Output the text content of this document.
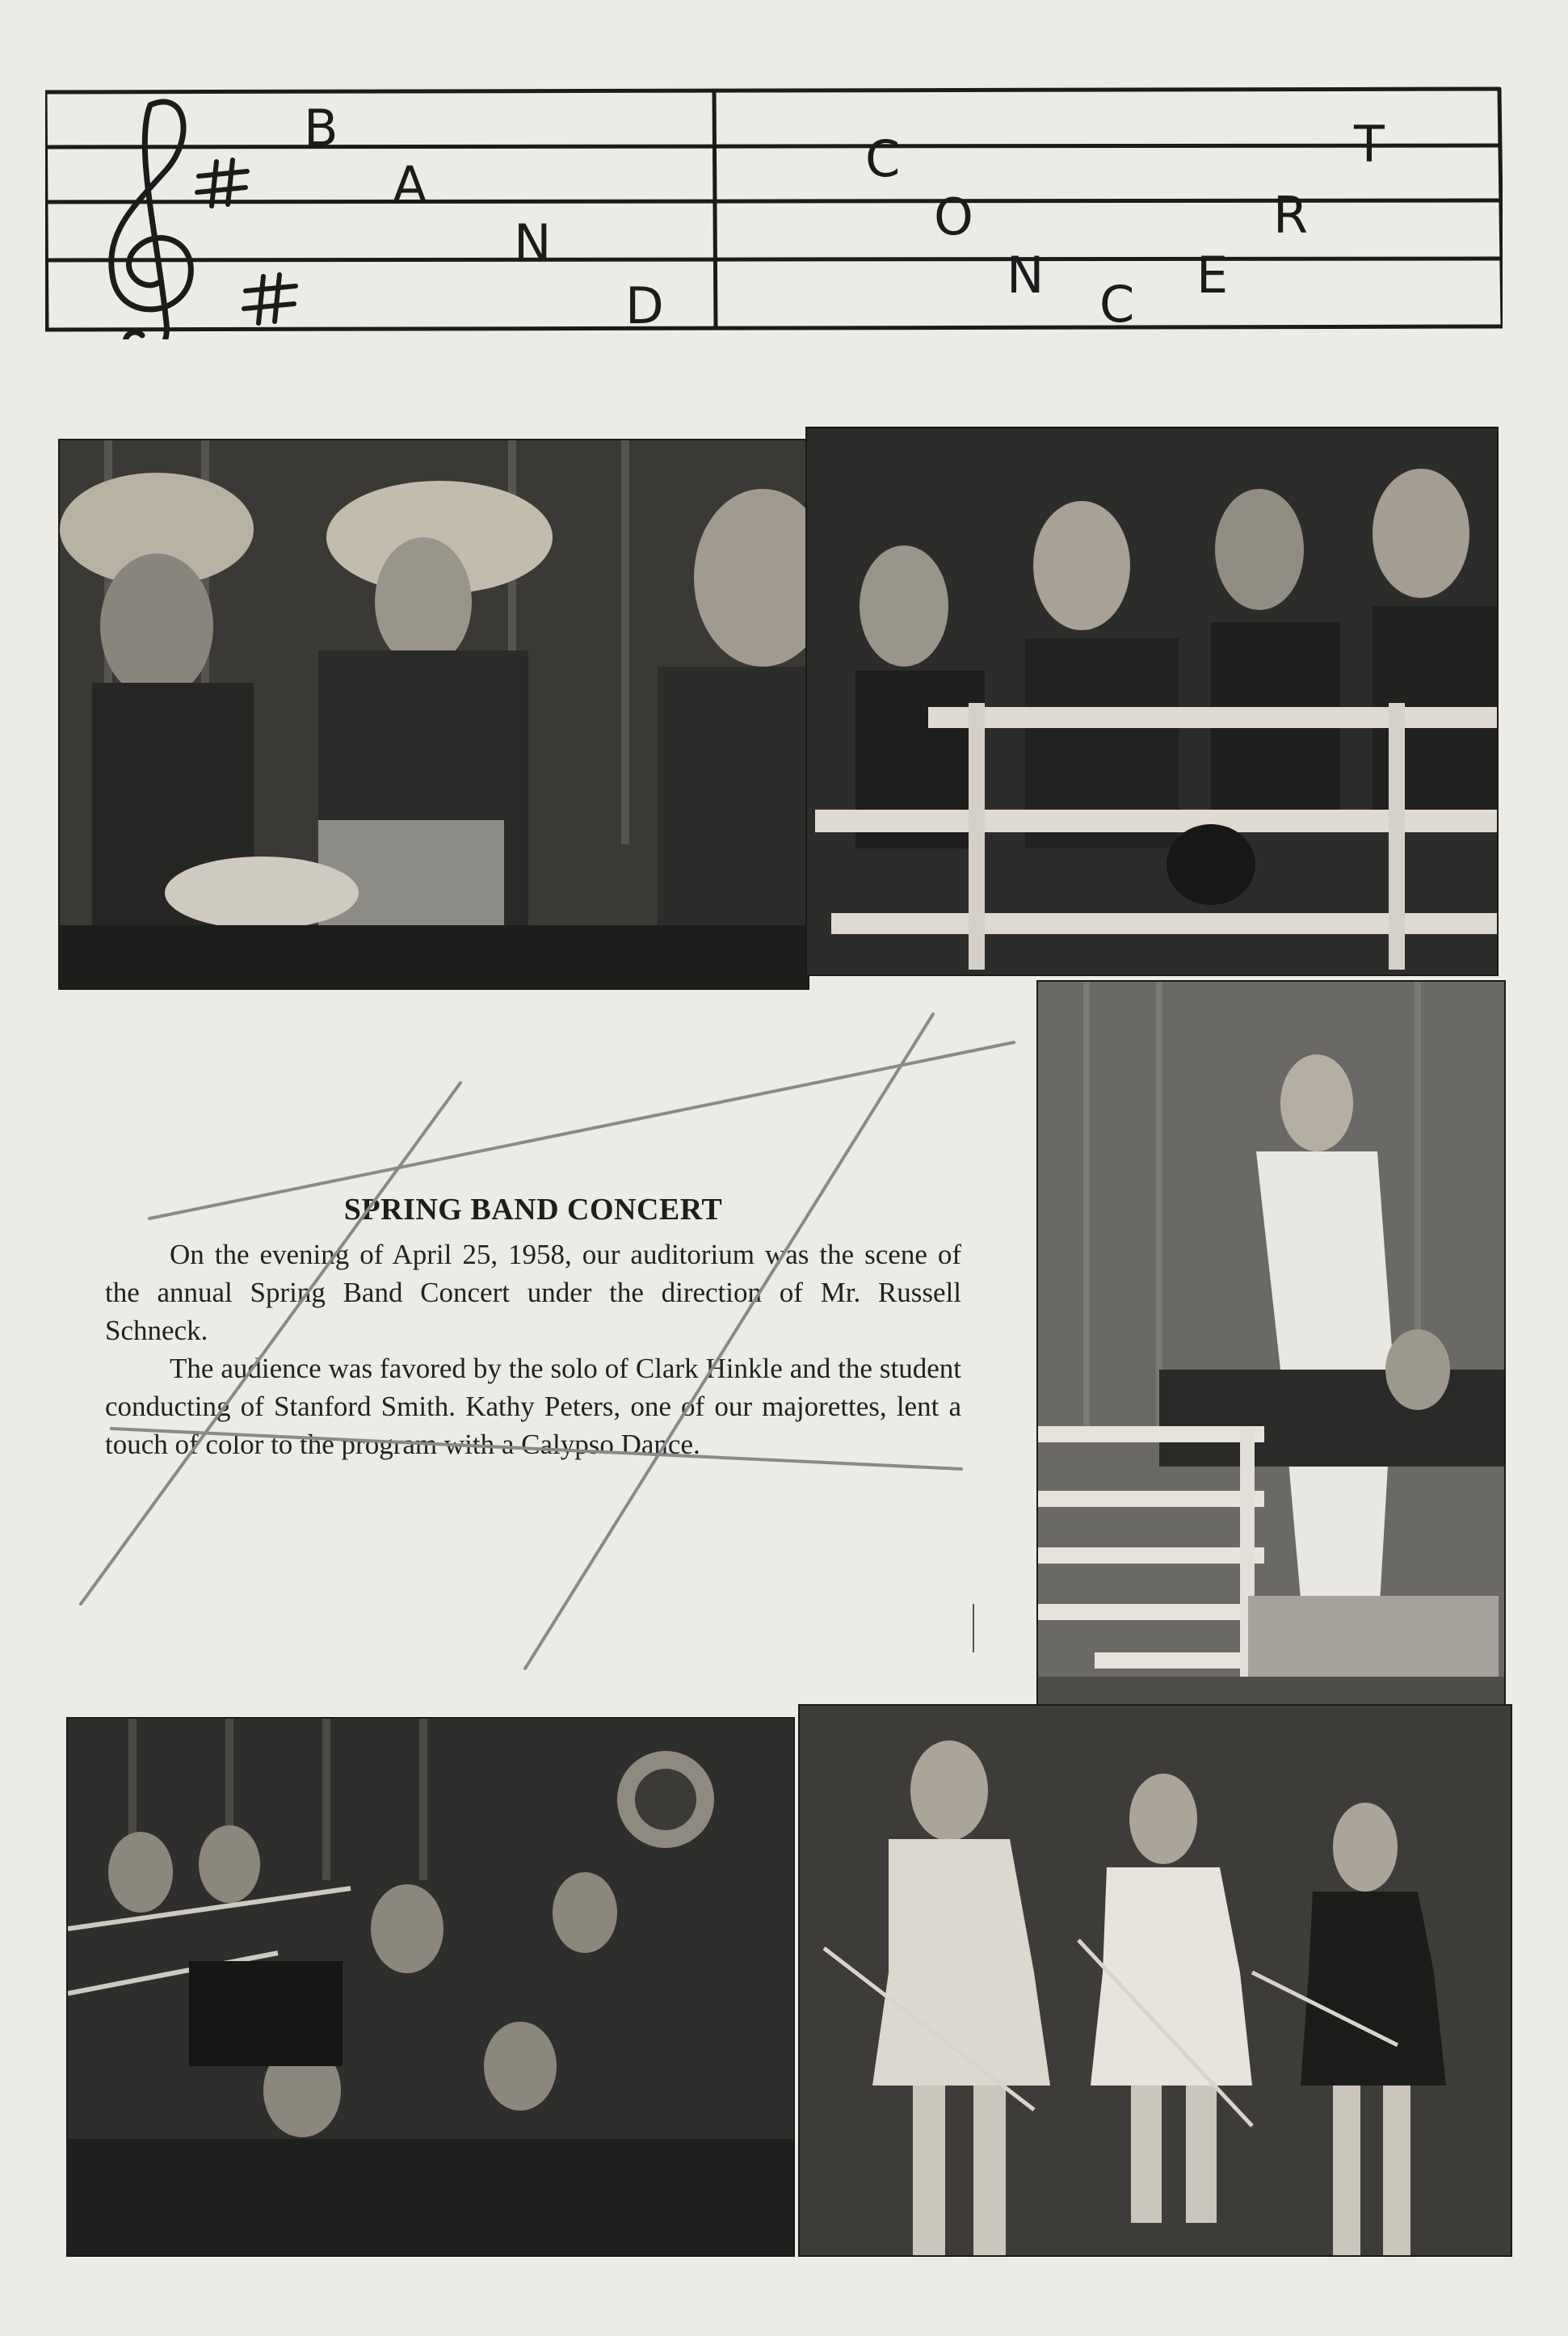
B
A
N
D
C
O
N C E
R
T
SPRING BAND CONCERT

On the evening of April 25, 1958, our auditorium was the scene of the annual Spring Band Concert under the direction of Mr. Russell Schneck.

The audience was favored by the solo of Clark Hinkle and the student conducting of Stanford Smith. Kathy Peters, one of our majorettes, lent a touch of color to the program with a Calypso Dance.
